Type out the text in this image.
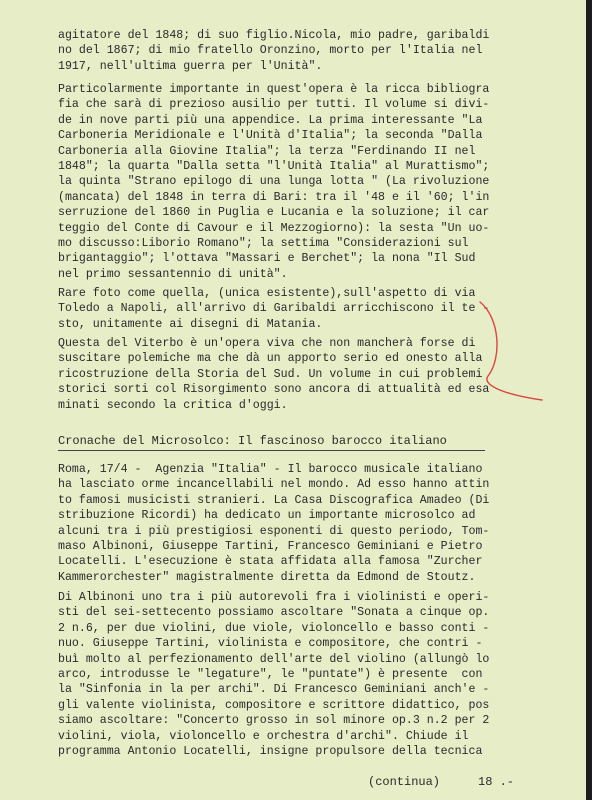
agitatore del 1848; di suo figlio.Nicola, mio padre, garibaldi
no del 1867; di mio fratello Oronzino, morto per l'Italia nel
1917, nell'ultima guerra per l'Unità".
Particolarmente importante in quest'opera è la ricca bibliogra
fia che sarà di prezioso ausilio per tutti. Il volume si divi-
de in nove parti più una appendice. La prima interessante "La
Carboneria Meridionale e l'Unità d'Italia"; la seconda "Dalla
Carboneria alla Giovine Italia"; la terza "Ferdinando II nel
1848"; la quarta "Dalla setta "l'Unità Italia" al Murattismo";
la quinta "Strano epilogo di una lunga lotta " (La rivoluzione
(mancata) del 1848 in terra di Bari: tra il '48 e il '60; l'in
serruzione del 1860 in Puglia e Lucania e la soluzione; il car
teggio del Conte di Cavour e il Mezzogiorno): la sesta "Un uo-
mo discusso:Liborio Romano"; la settima "Considerazioni sul
brigantaggio"; l'ottava "Massari e Berchet"; la nona "Il Sud
nel primo sessantennio di unità".
Rare foto come quella, (unica esistente),sull'aspetto di via
Toledo a Napoli, all'arrivo di Garibaldi arricchiscono il te -
sto, unitamente ai disegni di Matania.
Questa del Viterbo è un'opera viva che non mancherà forse di
suscitare polemiche ma che dà un apporto serio ed onesto alla
ricostruzione della Storia del Sud. Un volume in cui problemi
storici sorti col Risorgimento sono ancora di attualità ed esa
minati secondo la critica d'oggi.
Cronache del Microsolco: Il fascinoso barocco italiano
Roma, 17/4 -  Agenzia "Italia" - Il barocco musicale italiano
ha lasciato orme incancellabili nel mondo. Ad esso hanno attin
to famosi musicisti stranieri. La Casa Discografica Amadeo (Di
stribuzione Ricordi) ha dedicato un importante microsolco ad
alcuni tra i più prestigiosi esponenti di questo periodo, Tom-
maso Albinoni, Giuseppe Tartini, Francesco Geminiani e Pietro
Locatelli. L'esecuzione è stata affidata alla famosa "Zurcher
Kammerorchester" magistralmente diretta da Edmond de Stoutz.
Di Albinoni uno tra i più autorevoli fra i violinisti e operi-
sti del sei-settecento possiamo ascoltare "Sonata a cinque op.
2 n.6, per due violini, due viole, violoncello e basso conti -
nuo. Giuseppe Tartini, violinista e compositore, che contri -
buì molto al perfezionamento dell'arte del violino (allungò lo
arco, introdusse le "legature", le "puntate") è presente  con
la "Sinfonia in la per archi". Di Francesco Geminiani anch'e -
gli valente violinista, compositore e scrittore didattico, pos
siamo ascoltare: "Concerto grosso in sol minore op.3 n.2 per 2
violini, viola, violoncello e orchestra d'archi". Chiude il
programma Antonio Locatelli, insigne propulsore della tecnica
(continua)	18 .-
